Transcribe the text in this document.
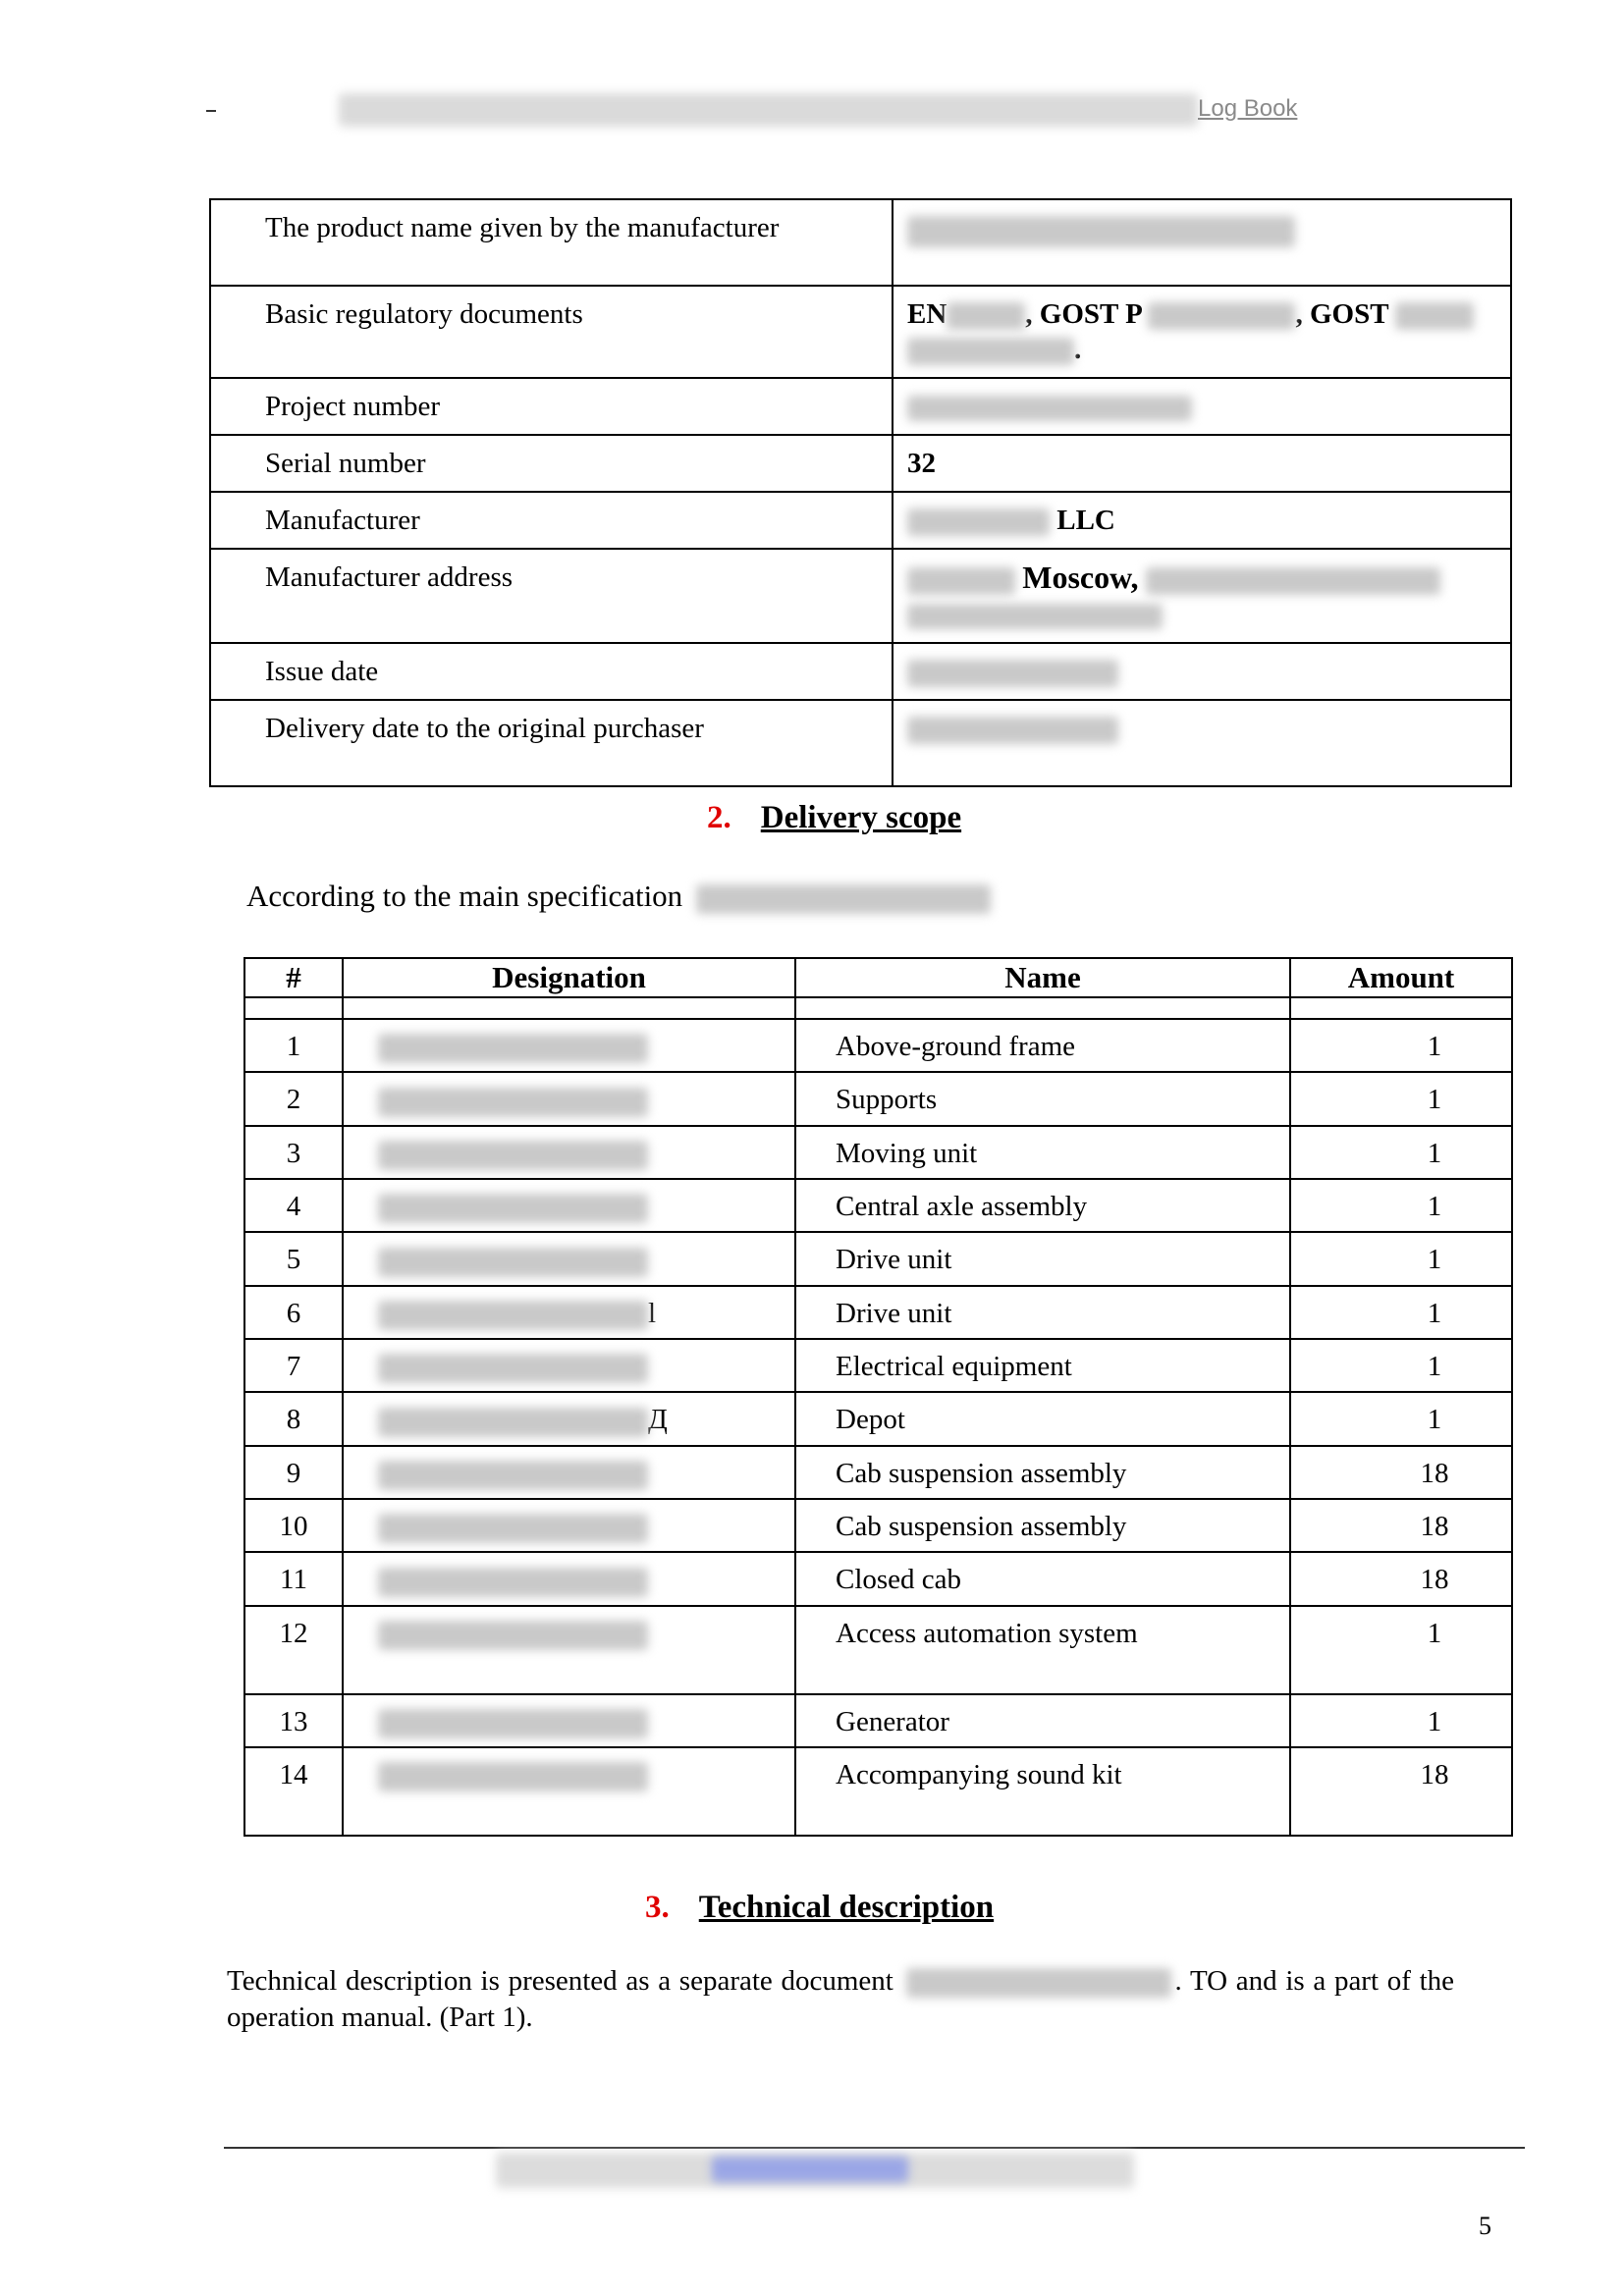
Log Book
The product name given by the manufacturer	
Basic regulatory documents	EN , GOST P , GOST
.
Project number	
Serial number	32
Manufacturer	LLC
Manufacturer address	Moscow,

Issue date	
Delivery date to the original purchaser	
2. Delivery scope
According to the main specification
#	Designation	Name	Amount

1		Above-ground frame	1
2		Supports	1
3		Moving unit	1
4		Central axle assembly	1
5		Drive unit	1
6	l	Drive unit	1
7		Electrical equipment	1
8	Д	Depot	1
9		Cab suspension assembly	18
10		Cab suspension assembly	18
11		Closed cab	18
12		Access automation system	1
13		Generator	1
14		Accompanying sound kit	18
3. Technical description
Technical description is presented as a separate document	. TO and is a part of the operation manual. (Part 1).
5
